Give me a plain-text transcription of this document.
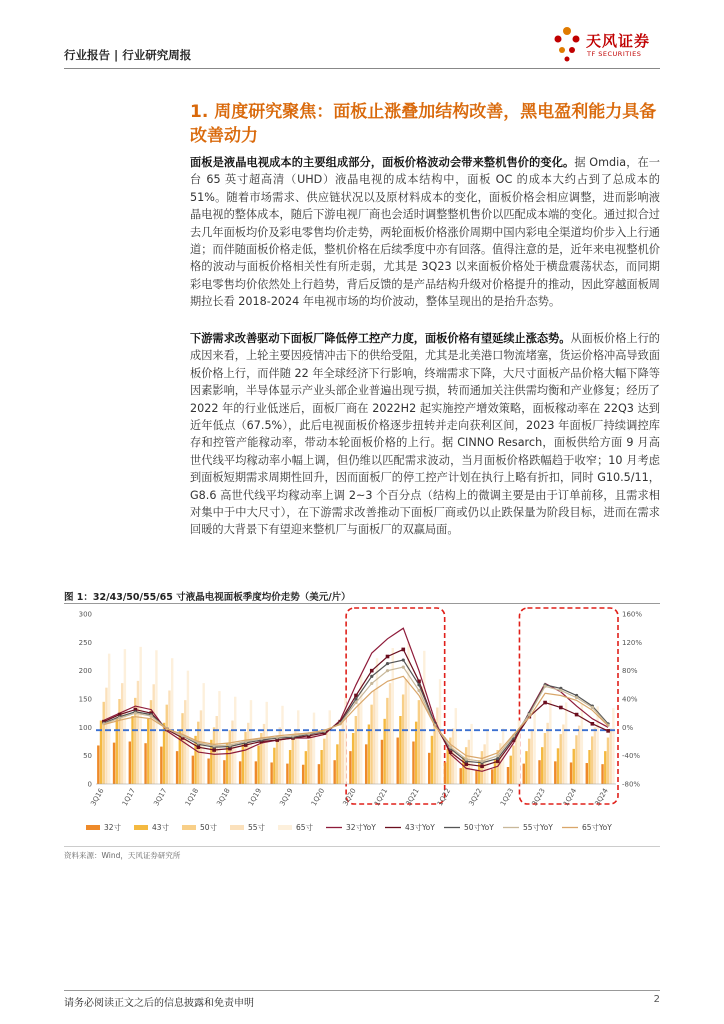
行业报告 | 行业研究周报
天风证券
TF SECURITIES
1. 周度研究聚焦：面板止涨叠加结构改善，黑电盈利能力具备改善动力
面板是液晶电视成本的主要组成部分，面板价格波动会带来整机售价的变化。据 Omdia，在一台 65 英寸超高清（UHD）液晶电视的成本结构中，面板 OC 的成本大约占到了总成本的 51%。随着市场需求、供应链状况以及原材料成本的变化，面板价格会相应调整，进而影响液晶电视的整体成本，随后下游电视厂商也会适时调整整机售价以匹配成本端的变化。通过拟合过去几年面板均价及彩电零售均价走势，两轮面板价格涨价周期中国内彩电全渠道均价步入上行通道；而伴随面板价格走低，整机价格在后续季度中亦有回落。值得注意的是，近年来电视整机价格的波动与面板价格相关性有所走弱，尤其是 3Q23 以来面板价格处于横盘震荡状态，而同期彩电零售均价依然处上行趋势，背后反馈的是产品结构升级对价格提升的推动，因此穿越面板周期拉长看 2018-2024 年电视市场的均价波动，整体呈现出的是抬升态势。
下游需求改善驱动下面板厂降低停工控产力度，面板价格有望延续止涨态势。从面板价格上行的成因来看，上轮主要因疫情冲击下的供给受阻，尤其是北美港口物流堵塞，货运价格冲高导致面板价格上行，而伴随 22 年全球经济下行影响，终端需求下降，大尺寸面板产品价格大幅下降等因素影响，半导体显示产业头部企业普遍出现亏损，转而通加关注供需均衡和产业修复；经历了 2022 年的行业低迷后，面板厂商在 2022H2 起实施控产增效策略，面板稼动率在 22Q3 达到近年低点（67.5%），此后电视面板价格逐步扭转并走向获利区间，2023 年面板厂持续调控库存和控管产能稼动率，带动本轮面板价格的上行。据 CINNO Resarch，面板供给方面 9 月高世代线平均稼动率小幅上调，但仍维以匹配需求波动，当月面板价格跌幅趋于收窄；10 月考虑到面板短期需求周期性回升，因而面板厂的停工控产计划在执行上略有折扣，同时 G10.5/11，G8.6 高世代线平均稼动率上调 2~3 个百分点（结构上的微调主要是由于订单前移，且需求相对集中于中大尺寸），在下游需求改善推动下面板厂商或仍以止跌保量为阶段目标，进而在需求回暖的大背景下有望迎来整机厂与面板厂的双赢局面。
图 1：32/43/50/55/65 寸液晶电视面板季度均价走势（美元/片）
300
250
200
150
100
50
0
160%
120%
80%
40%
0%
-40%
-80%
3Q16 1Q17 3Q17 1Q18 3Q18 1Q19 3Q19 1Q20 3Q20 1Q21 3Q21 1Q22 3Q22 1Q23 3Q23 1Q24 3Q24
32寸	43寸	50寸	55寸	65寸	32寸YoY	43寸YoY	50寸YoY	55寸YoY	65寸YoY
资料来源：Wind，天风证券研究所
请务必阅读正文之后的信息披露和免责申明	2
